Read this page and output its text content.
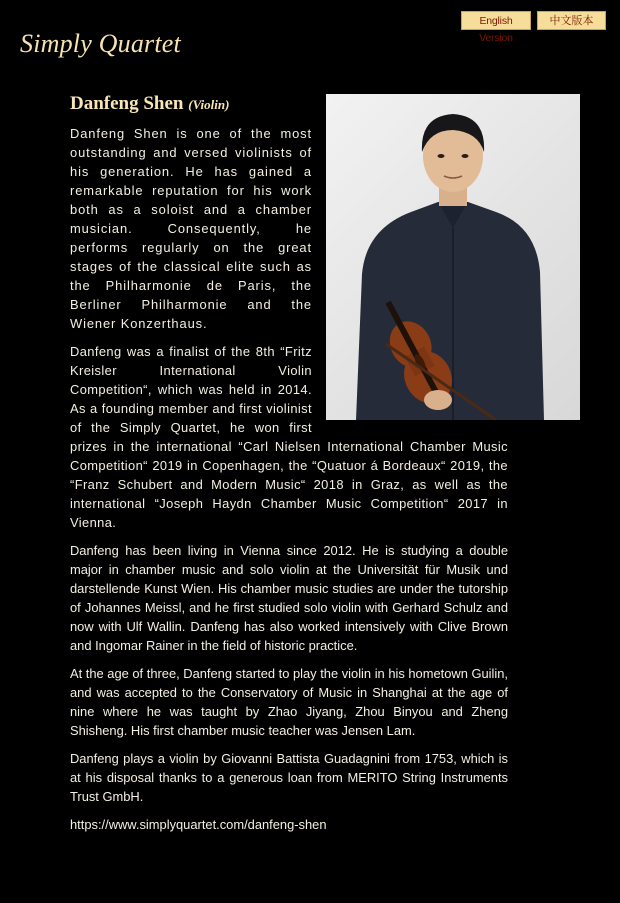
English Version
中文版本
Simply Quartet
Danfeng Shen (Violin)

Danfeng Shen is one of the most outstanding and versed violinists of his generation. He has gained a remarkable reputation for his work both as a soloist and a chamber musician. Consequently, he performs regularly on the great stages of the classical elite such as the Philharmonie de Paris, the Berliner Philharmonie and the Wiener Konzerthaus.

Danfeng was a finalist of the 8th “Fritz Kreisler International Violin Competition“, which was held in 2014. As a founding member and first violinist of the Simply Quartet, he won first prizes in the international “Carl Nielsen International Chamber Music Competition“ 2019 in Copenhagen, the “Quatuor á Bordeaux“ 2019, the “Franz Schubert and Modern Music“ 2018 in Graz, as well as the international “Joseph Haydn Chamber Music Competition“ 2017 in Vienna.

Danfeng has been living in Vienna since 2012. He is studying a double major in chamber music and solo violin at the Universität für Musik und darstellende Kunst Wien. His chamber music studies are under the tutorship of Johannes Meissl, and he first studied solo violin with Gerhard Schulz and now with Ulf Wallin. Danfeng has also worked intensively with Clive Brown and Ingomar Rainer in the field of historic practice.

At the age of three, Danfeng started to play the violin in his hometown Guilin, and was accepted to the Conservatory of Music in Shanghai at the age of nine where he was taught by Zhao Jiyang, Zhou Binyou and Zheng Shisheng. His first chamber music teacher was Jensen Lam.

Danfeng plays a violin by Giovanni Battista Guadagnini from 1753, which is at his disposal thanks to a generous loan from MERITO String Instruments Trust GmbH.

https://www.simplyquartet.com/danfeng-shen
